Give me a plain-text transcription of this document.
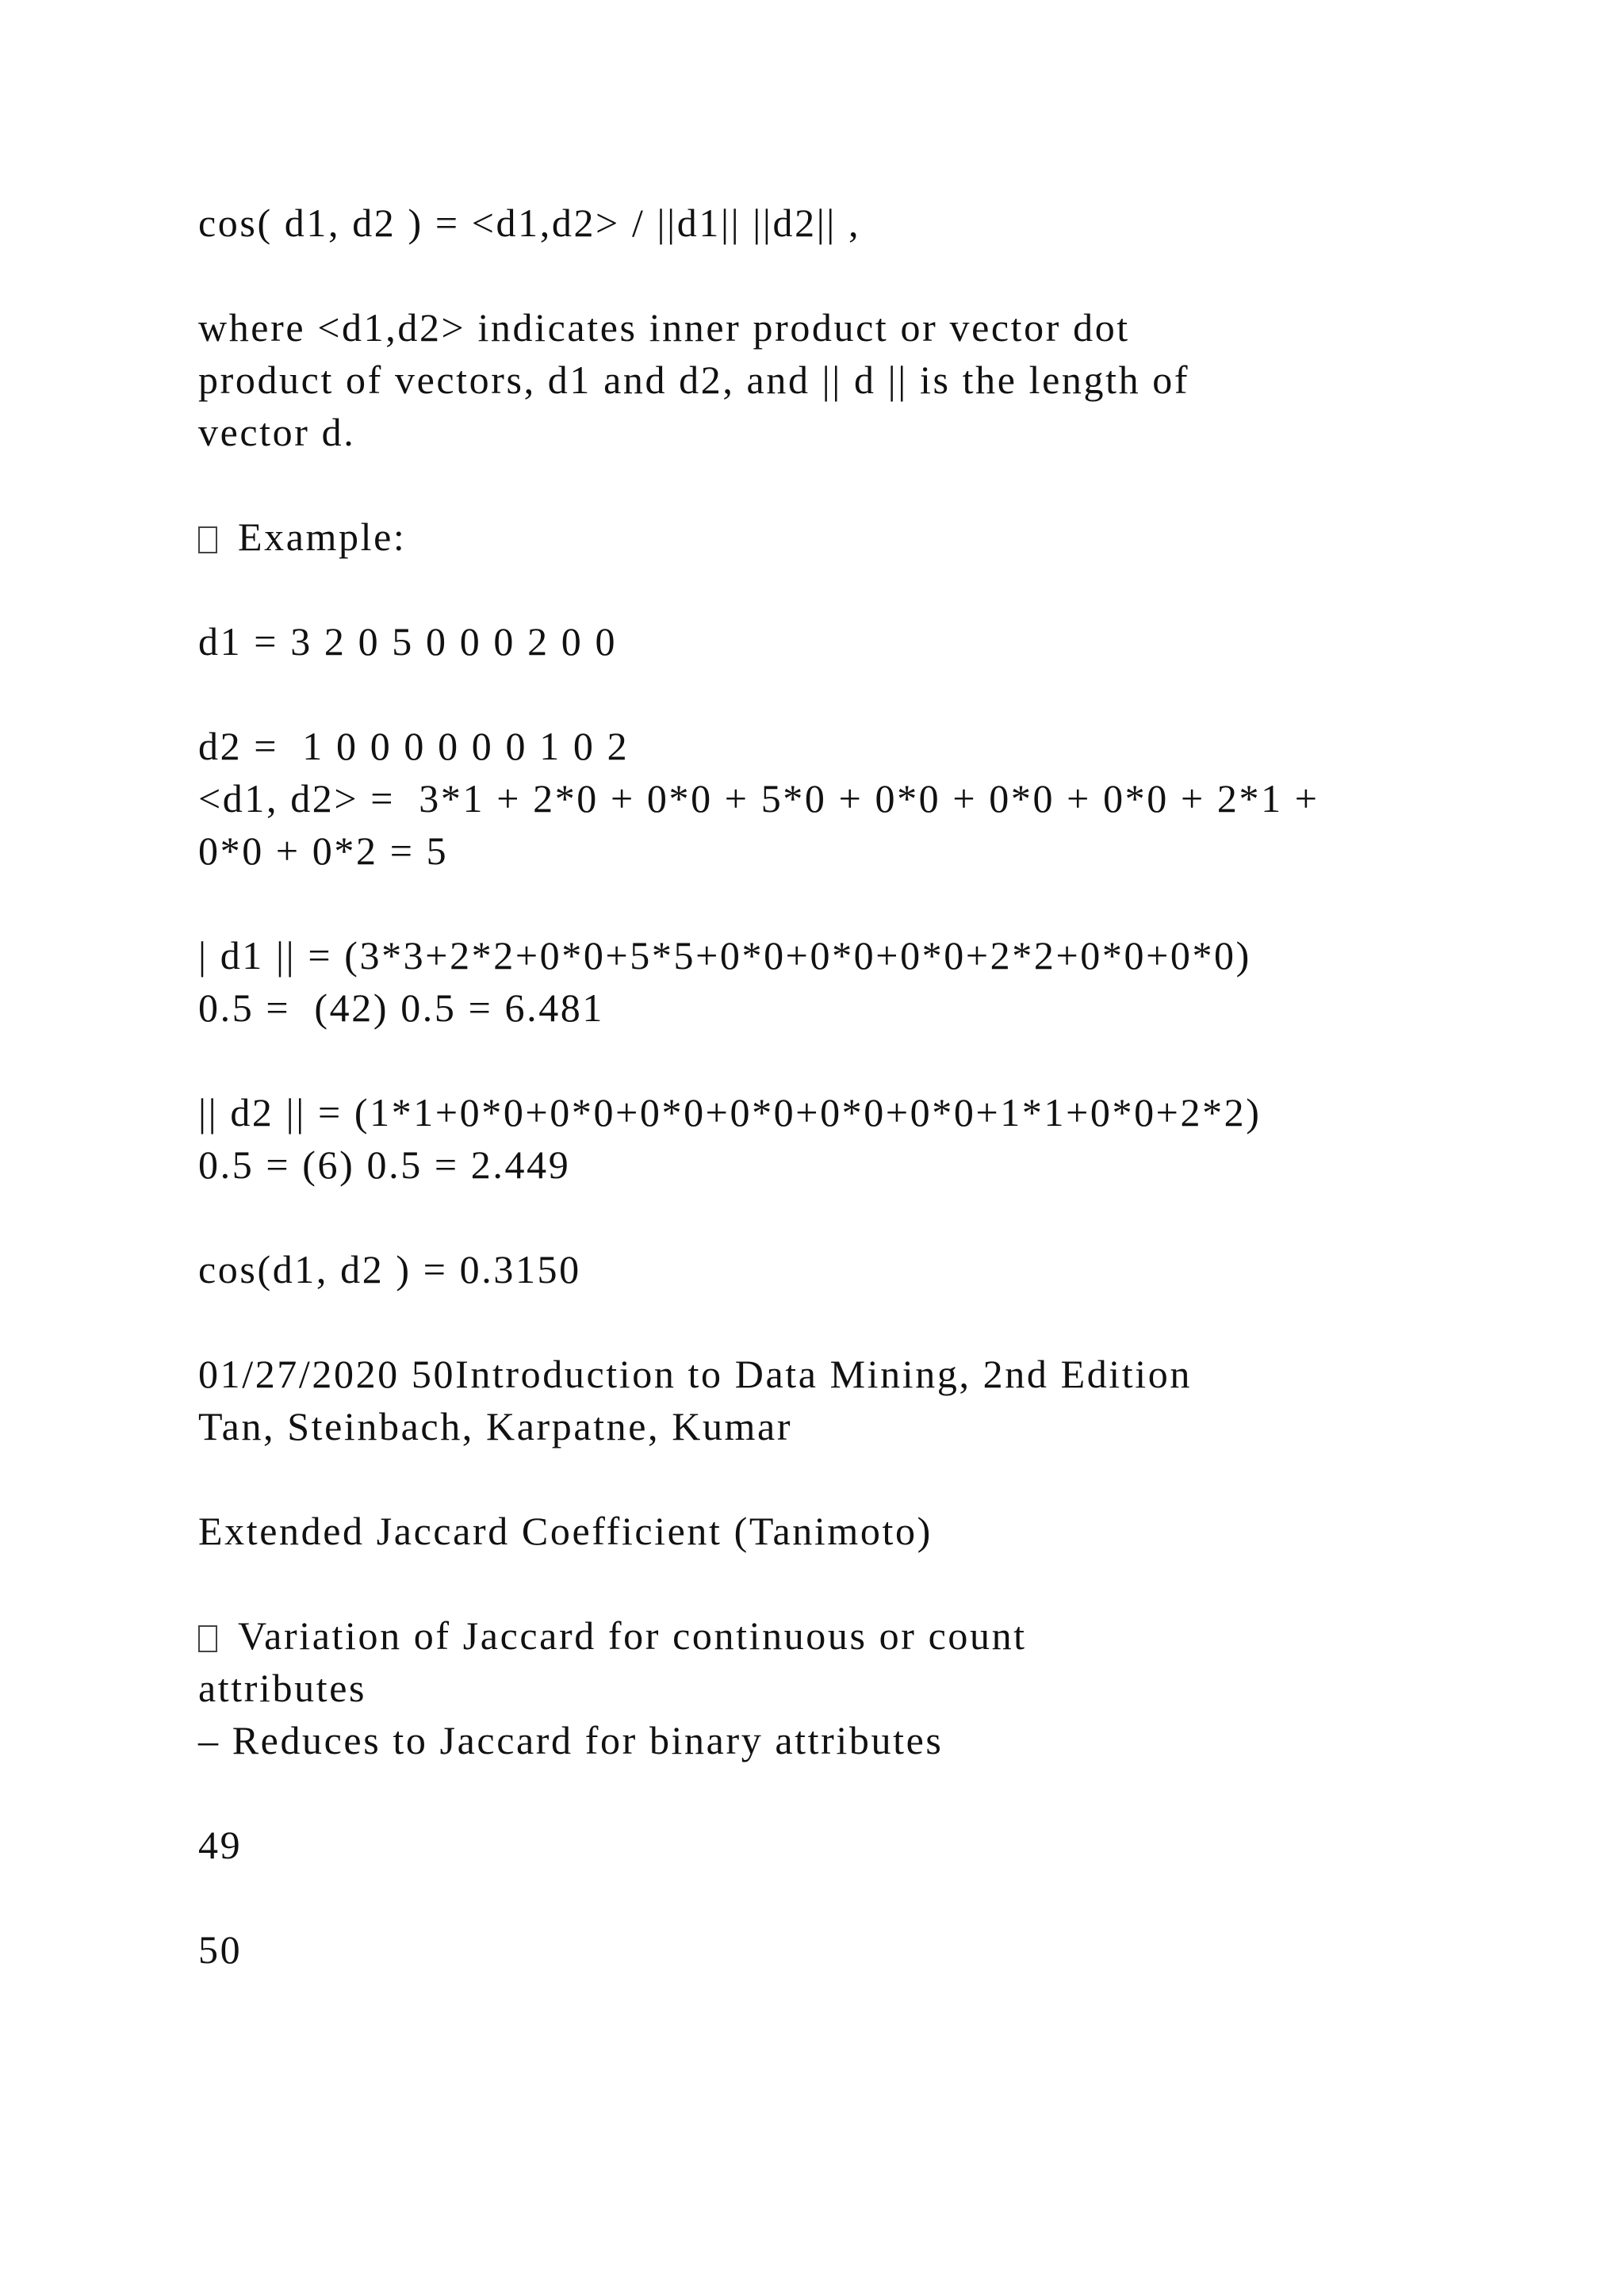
cos( d1, d2 ) = <d1,d2> / ||d1|| ||d2|| ,

where <d1,d2> indicates inner product or vector dot

product of vectors, d1 and d2, and || d || is the length of

vector d.

Example:

d1 = 3 2 0 5 0 0 0 2 0 0

d2 =  1 0 0 0 0 0 0 1 0 2

<d1, d2> =  3*1 + 2*0 + 0*0 + 5*0 + 0*0 + 0*0 + 0*0 + 2*1 +

0*0 + 0*2 = 5

| d1 || = (3*3+2*2+0*0+5*5+0*0+0*0+0*0+2*2+0*0+0*0)

0.5 =  (42) 0.5 = 6.481

|| d2 || = (1*1+0*0+0*0+0*0+0*0+0*0+0*0+1*1+0*0+2*2)

0.5 = (6) 0.5 = 2.449

cos(d1, d2 ) = 0.3150

01/27/2020 50Introduction to Data Mining, 2nd Edition

Tan, Steinbach, Karpatne, Kumar

Extended Jaccard Coefficient (Tanimoto)

Variation of Jaccard for continuous or count

attributes

– Reduces to Jaccard for binary attributes

49

50
